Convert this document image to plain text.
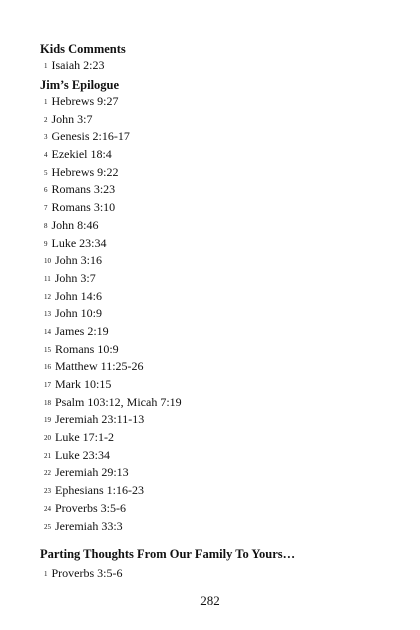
Kids Comments
$^1$ Isaiah 2:23
Jim’s Epilogue
$^1$ Hebrews 9:27
$^2$ John 3:7
$^3$ Genesis 2:16-17
$^4$ Ezekiel 18:4
$^5$ Hebrews 9:22
$^6$ Romans 3:23
$^7$ Romans 3:10
$^8$ John 8:46
$^9$ Luke 23:34
$^{10}$ John 3:16
$^{11}$ John 3:7
$^{12}$ John 14:6
$^{13}$ John 10:9
$^{14}$ James 2:19
$^{15}$ Romans 10:9
$^{16}$ Matthew 11:25-26
$^{17}$ Mark 10:15
$^{18}$ Psalm 103:12, Micah 7:19
$^{19}$ Jeremiah 23:11-13
$^{20}$ Luke 17:1-2
$^{21}$ Luke 23:34
$^{22}$ Jeremiah 29:13
$^{23}$ Ephesians 1:16-23
$^{24}$ Proverbs 3:5-6
$^{25}$ Jeremiah 33:3
Parting Thoughts From Our Family To Yours…
$^1$ Proverbs 3:5-6
282
